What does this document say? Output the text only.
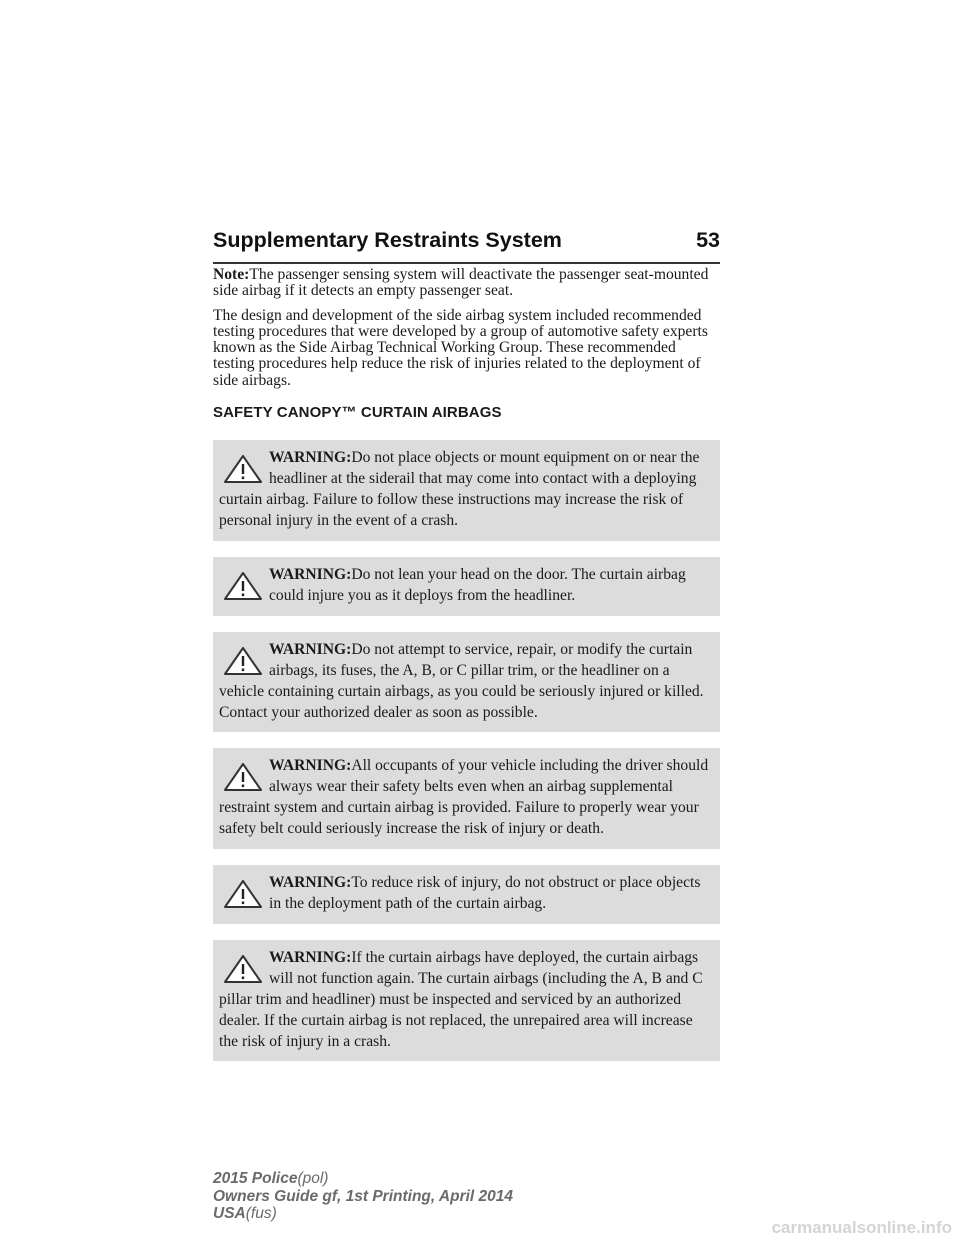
Supplementary Restraints System	53

Note:The passenger sensing system will deactivate the passenger seat-mounted side airbag if it detects an empty passenger seat.

The design and development of the side airbag system included recommended testing procedures that were developed by a group of automotive safety experts known as the Side Airbag Technical Working Group. These recommended testing procedures help reduce the risk of injuries related to the deployment of side airbags.

SAFETY CANOPY™ CURTAIN AIRBAGS
WARNING:Do not place objects or mount equipment on or near the headliner at the siderail that may come into contact with a deploying curtain airbag. Failure to follow these instructions may increase the risk of personal injury in the event of a crash.
WARNING:Do not lean your head on the door. The curtain airbag could injure you as it deploys from the headliner.
WARNING:Do not attempt to service, repair, or modify the curtain airbags, its fuses, the A, B, or C pillar trim, or the headliner on a vehicle containing curtain airbags, as you could be seriously injured or killed. Contact your authorized dealer as soon as possible.
WARNING:All occupants of your vehicle including the driver should always wear their safety belts even when an airbag supplemental restraint system and curtain airbag is provided. Failure to properly wear your safety belt could seriously increase the risk of injury or death.
WARNING:To reduce risk of injury, do not obstruct or place objects in the deployment path of the curtain airbag.
WARNING:If the curtain airbags have deployed, the curtain airbags will not function again. The curtain airbags (including the A, B and C pillar trim and headliner) must be inspected and serviced by an authorized dealer. If the curtain airbag is not replaced, the unrepaired area will increase the risk of injury in a crash.
2015 Police(pol)
Owners Guide gf, 1st Printing, April 2014
USA(fus)
carmanualsonline.info
